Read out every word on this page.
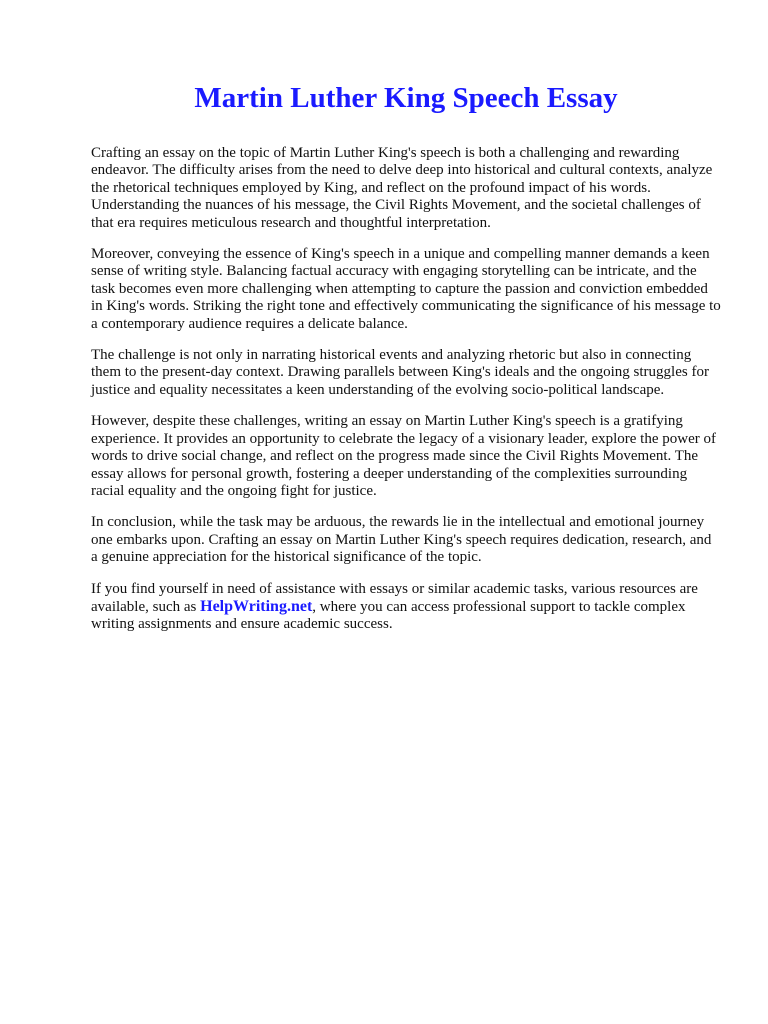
Martin Luther King Speech Essay

Crafting an essay on the topic of Martin Luther King's speech is both a challenging and rewarding endeavor. The difficulty arises from the need to delve deep into historical and cultural contexts, analyze the rhetorical techniques employed by King, and reflect on the profound impact of his words. Understanding the nuances of his message, the Civil Rights Movement, and the societal challenges of that era requires meticulous research and thoughtful interpretation.

Moreover, conveying the essence of King's speech in a unique and compelling manner demands a keen sense of writing style. Balancing factual accuracy with engaging storytelling can be intricate, and the task becomes even more challenging when attempting to capture the passion and conviction embedded in King's words. Striking the right tone and effectively communicating the significance of his message to a contemporary audience requires a delicate balance.

The challenge is not only in narrating historical events and analyzing rhetoric but also in connecting them to the present-day context. Drawing parallels between King's ideals and the ongoing struggles for justice and equality necessitates a keen understanding of the evolving socio-political landscape.

However, despite these challenges, writing an essay on Martin Luther King's speech is a gratifying experience. It provides an opportunity to celebrate the legacy of a visionary leader, explore the power of words to drive social change, and reflect on the progress made since the Civil Rights Movement. The essay allows for personal growth, fostering a deeper understanding of the complexities surrounding racial equality and the ongoing fight for justice.

In conclusion, while the task may be arduous, the rewards lie in the intellectual and emotional journey one embarks upon. Crafting an essay on Martin Luther King's speech requires dedication, research, and a genuine appreciation for the historical significance of the topic.

If you find yourself in need of assistance with essays or similar academic tasks, various resources are available, such as HelpWriting.net, where you can access professional support to tackle complex writing assignments and ensure academic success.
